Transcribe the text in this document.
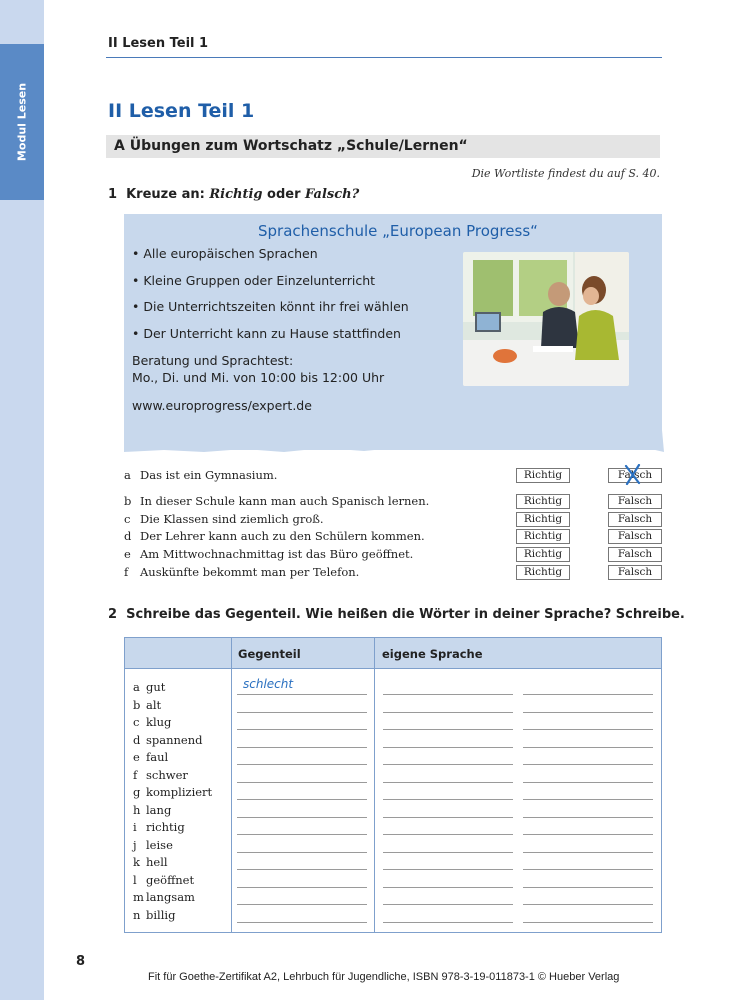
Modul Lesen
II Lesen Teil 1
II Lesen Teil 1
A Übungen zum Wortschatz „Schule/Lernen“
Die Wortliste findest du auf S. 40.
1 Kreuze an: Richtig oder Falsch?
Sprachenschule „European Progress“
• Alle europäischen Sprachen
• Kleine Gruppen oder Einzelunterricht
• Die Unterrichtszeiten könnt ihr frei wählen
• Der Unterricht kann zu Hause stattfinden
Beratung und Sprachtest:
Mo., Di. und Mi. von 10:00 bis 12:00 Uhr
www.europrogress/expert.de
a Das ist ein Gymnasium.	Richtig	Falsch
b In dieser Schule kann man auch Spanisch lernen.	Richtig	Falsch
c Die Klassen sind ziemlich groß.	Richtig	Falsch
d Der Lehrer kann auch zu den Schülern kommen.	Richtig	Falsch
e Am Mittwochnachmittag ist das Büro geöffnet.	Richtig	Falsch
f Auskünfte bekommt man per Telefon.	Richtig	Falsch
2 Schreibe das Gegenteil. Wie heißen die Wörter in deiner Sprache? Schreibe.
Gegenteil	eigene Sprache
a gut	schlecht
b alt
c klug
d spannend
e faul
f schwer
g kompliziert
h lang
i richtig
j leise
k hell
l geöffnet
m langsam
n billig
8
Fit für Goethe-Zertifikat A2, Lehrbuch für Jugendliche, ISBN 978-3-19-011873-1 © Hueber Verlag
